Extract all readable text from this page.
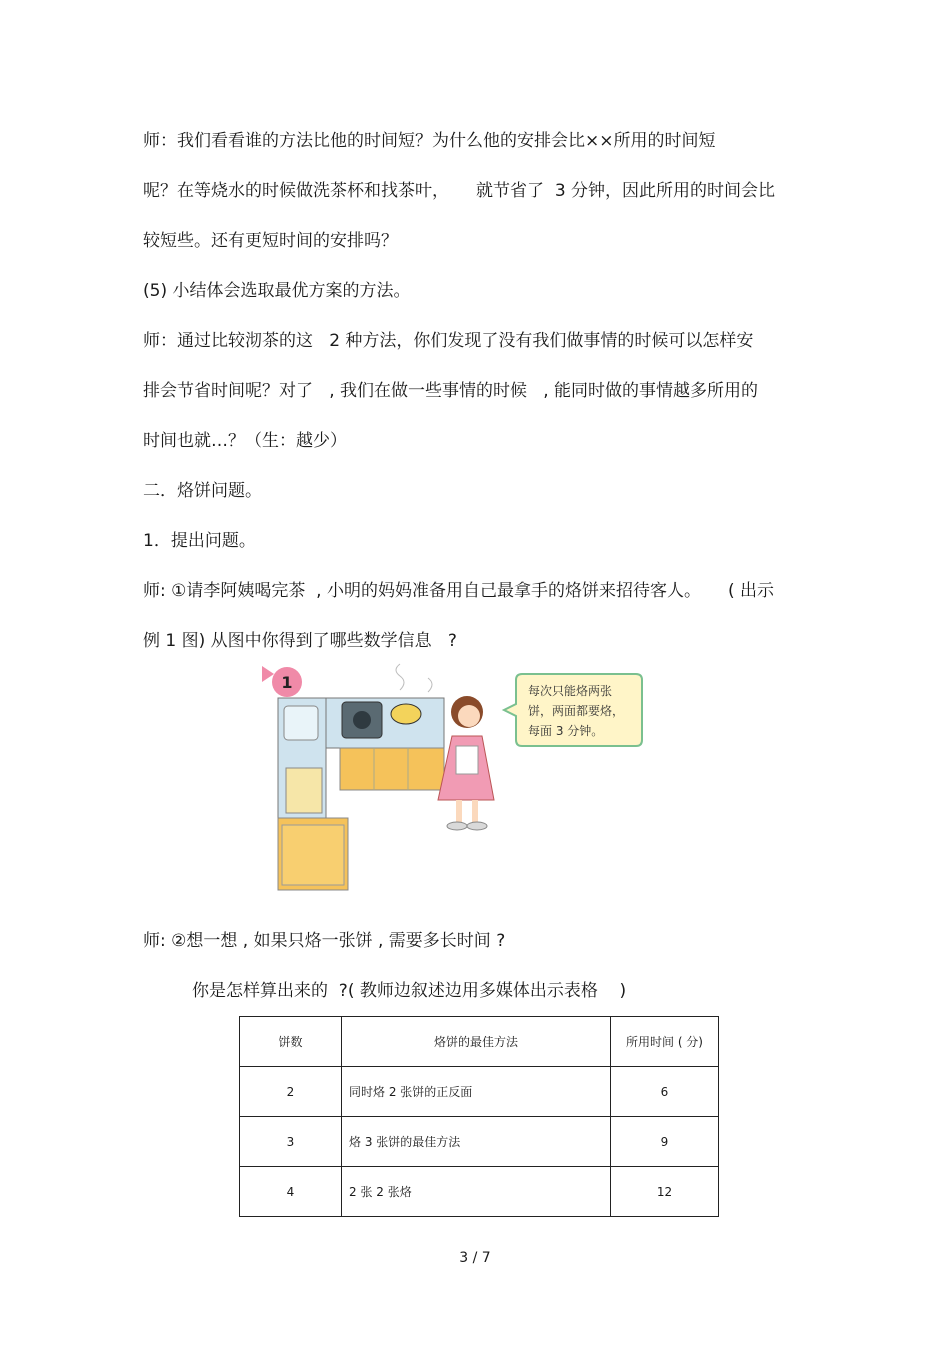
师：我们看看谁的方法比他的时间短？为什么他的安排会比××所用的时间短
呢？在等烧水的时候做洗茶杯和找茶叶，     就节省了  3 分钟，因此所用的时间会比
较短些。还有更短时间的安排吗？
(5) 小结体会选取最优方案的方法。
师：通过比较沏茶的这   2 种方法，你们发现了没有我们做事情的时候可以怎样安
排会节省时间呢？对了   , 我们在做一些事情的时候   , 能同时做的事情越多所用的
时间也就…？（生：越少）
二．烙饼问题。
1．提出问题。
师: ①请李阿姨喝完茶  , 小明的妈妈准备用自己最拿手的烙饼来招待客人。     ( 出示
例 1 图) 从图中你得到了哪些数学信息   ?
1	每次只能烙两张
饼，两面都要烙，
每面 3 分钟。
师: ②想一想 , 如果只烙一张饼 , 需要多长时间 ?
你是怎样算出来的  ?( 教师边叙述边用多媒体出示表格    )
饼数	烙饼的最佳方法	所用时间 ( 分)
2	同时烙 2 张饼的正反面	6
3	烙 3 张饼的最佳方法	9
4	2 张 2 张烙	12
3 / 7
